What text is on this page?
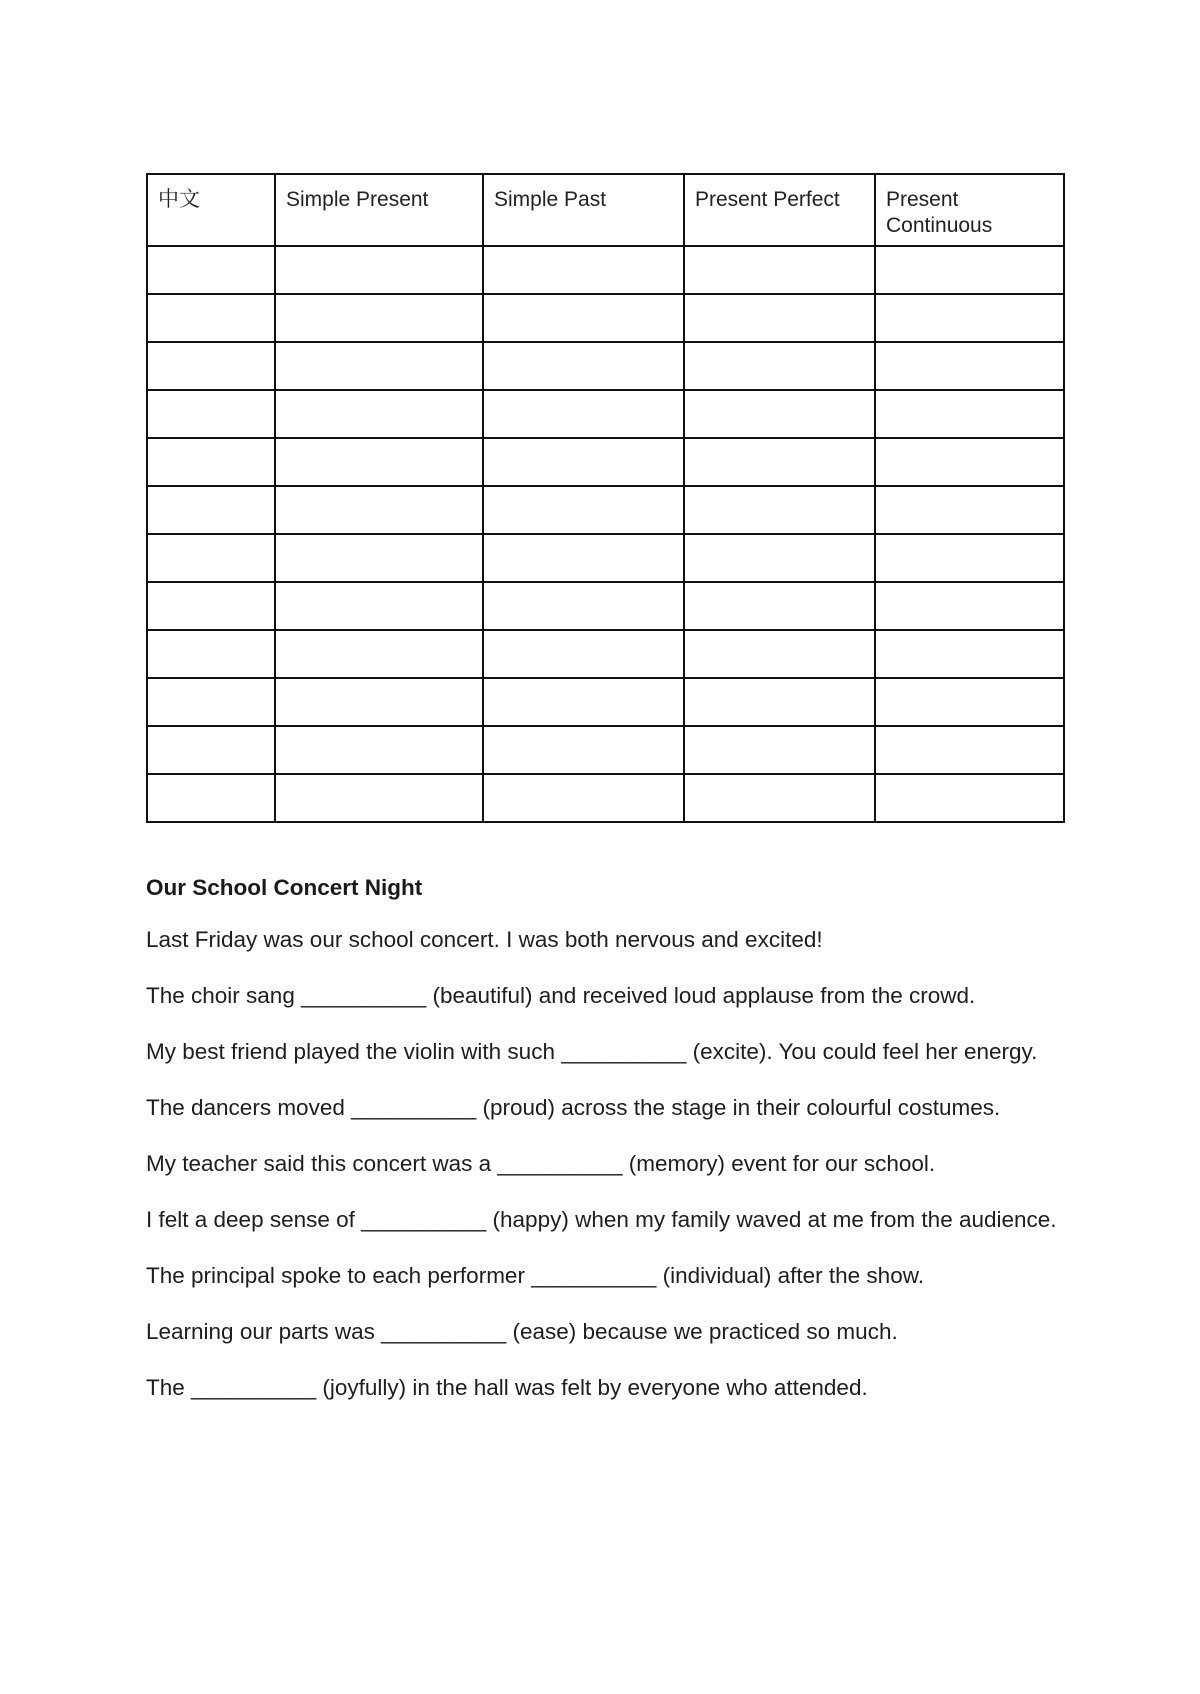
中文	Simple Present	Simple Past	Present Perfect	Present Continuous

Our School Concert Night

Last Friday was our school concert. I was both nervous and excited!

The choir sang __________ (beautiful) and received loud applause from the crowd.

My best friend played the violin with such __________ (excite). You could feel her energy.

The dancers moved __________ (proud) across the stage in their colourful costumes.

My teacher said this concert was a __________ (memory) event for our school.

I felt a deep sense of __________ (happy) when my family waved at me from the audience.

The principal spoke to each performer __________ (individual) after the show.

Learning our parts was __________ (ease) because we practiced so much.

The __________ (joyfully) in the hall was felt by everyone who attended.
